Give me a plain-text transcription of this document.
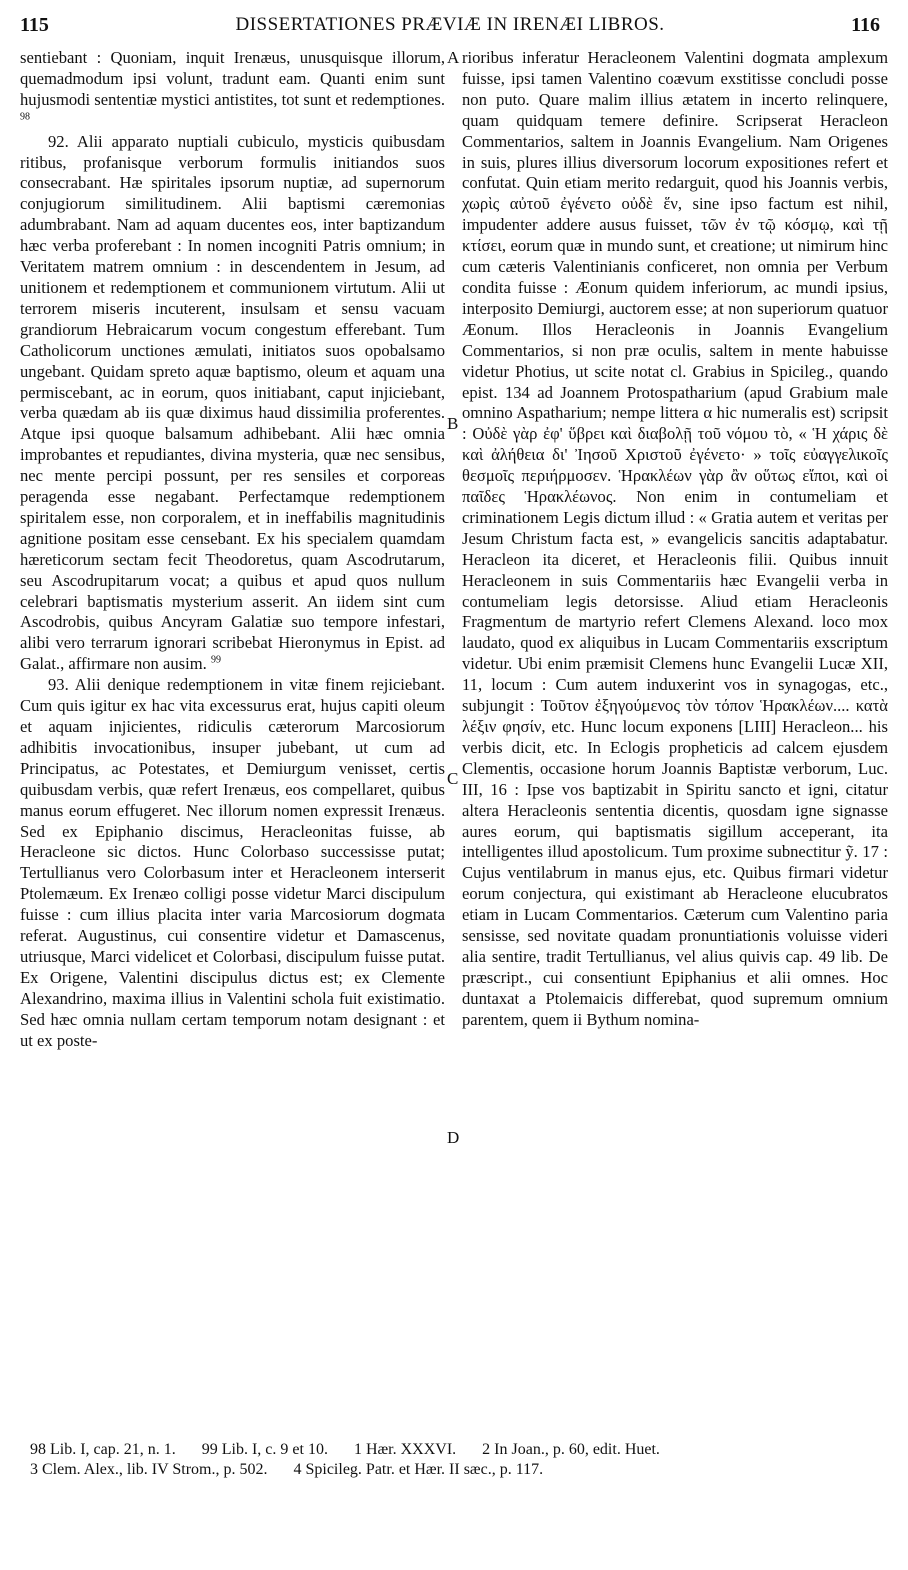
115	DISSERTATIONES PRÆVIÆ IN IRENÆI LIBROS.	116

sentiebant : Quoniam, inquit Irenæus, unusquisque illorum, quemadmodum ipsi volunt, tradunt eam. Quanti enim sunt hujusmodi sententiæ mystici antistites, tot sunt et redemptiones. $^{98}$

92. Alii apparato nuptiali cubiculo, mysticis quibusdam ritibus, profanisque verborum formulis initiandos suos consecrabant. Hæ spiritales ipsorum nuptiæ, ad supernorum conjugiorum similitudinem. Alii baptismi cæremonias adumbrabant. Nam ad aquam ducentes eos, inter baptizandum hæc verba proferebant : In nomen incogniti Patris omnium; in Veritatem matrem omnium : in descendentem in Jesum, ad unitionem et redemptionem et communionem virtutum. Alii ut terrorem miseris incuterent, insulsam et sensu vacuam grandiorum Hebraicarum vocum congestum efferebant. Tum Catholicorum unctiones æmulati, initiatos suos opobalsamo ungebant. Quidam spreto aquæ baptismo, oleum et aquam una permiscebant, ac in eorum, quos initiabant, caput injiciebant, verba quædam ab iis quæ diximus haud dissimilia proferentes. Atque ipsi quoque balsamum adhibebant. Alii hæc omnia improbantes et repudiantes, divina mysteria, quæ nec sensibus, nec mente percipi possunt, per res sensiles et corporeas peragenda esse negabant. Perfectamque redemptionem spiritalem esse, non corporalem, et in ineffabilis magnitudinis agnitione positam esse censebant. Ex his specialem quamdam hæreticorum sectam fecit Theodoretus, quam Ascodrutarum, seu Ascodrupitarum vocat; a quibus et apud quos nullum celebrari baptismatis mysterium asserit. An iidem sint cum Ascodrobis, quibus Ancyram Galatiæ suo tempore infestari, alibi vero terrarum ignorari scribebat Hieronymus in Epist. ad Galat., affirmare non ausim. $^{99}$

93. Alii denique redemptionem in vitæ finem rejiciebant. Cum quis igitur ex hac vita excessurus erat, hujus capiti oleum et aquam injicientes, ridiculis cæterorum Marcosiorum adhibitis invocationibus, insuper jubebant, ut cum ad Principatus, ac Potestates, et Demiurgum venisset, certis quibusdam verbis, quæ refert Irenæus, eos compellaret, quibus manus eorum effugeret. Nec illorum nomen expressit Irenæus. Sed ex Epiphanio discimus, Heracleonitas fuisse, ab Heracleone sic dictos. Hunc Colorbaso successisse putat; Tertullianus vero Colorbasum inter et Heracleonem interserit Ptolemæum. Ex Irenæo colligi posse videtur Marci discipulum fuisse : cum illius placita inter varia Marcosiorum dogmata referat. Augustinus, cui consentire videtur et Damascenus, utriusque, Marci videlicet et Colorbasi, discipulum fuisse putat. Ex Origene, Valentini discipulus dictus est; ex Clemente Alexandrino, maxima illius in Valentini schola fuit existimatio. Sed hæc omnia nullam certam temporum notam designant : et ut ex poste-

A
B
C
D

rioribus inferatur Heracleonem Valentini dogmata amplexum fuisse, ipsi tamen Valentino coævum exstitisse concludi posse non puto. Quare malim illius ætatem in incerto relinquere, quam quidquam temere definire. Scripserat Heracleon Commentarios, saltem in Joannis Evangelium. Nam Origenes in suis, plures illius diversorum locorum expositiones refert et confutat. Quin etiam merito redarguit, quod his Joannis verbis, χωρὶς αὐτοῦ ἐγένετο οὐδὲ ἕν, sine ipso factum est nihil, impudenter addere ausus fuisset, τῶν ἐν τῷ κόσμῳ, καὶ τῇ κτίσει, eorum quæ in mundo sunt, et creatione; ut nimirum hinc cum cæteris Valentinianis conficeret, non omnia per Verbum condita fuisse : Æonum quidem inferiorum, ac mundi ipsius, interposito Demiurgi, auctorem esse; at non superiorum quatuor Æonum. Illos Heracleonis in Joannis Evangelium Commentarios, si non præ oculis, saltem in mente habuisse videtur Photius, ut scite notat cl. Grabius in Spicileg., quando epist. 134 ad Joannem Protospatharium (apud Grabium male omnino Aspatharium; nempe littera α hic numeralis est) scripsit : Οὐδὲ γὰρ ἐφ' ὕβρει καὶ διαβολῇ τοῦ νόμου τὸ, « Ἡ χάρις δὲ καὶ ἀλήθεια δι' Ἰησοῦ Χριστοῦ ἐγένετο· » τοῖς εὐαγγελικοῖς θεσμοῖς περιήρμοσεν. Ἡρακλέων γὰρ ἂν οὕτως εἴποι, καὶ οἱ παῖδες Ἡρακλέωνος. Non enim in contumeliam et criminationem Legis dictum illud : « Gratia autem et veritas per Jesum Christum facta est, » evangelicis sancitis adaptabatur. Heracleon ita diceret, et Heracleonis filii. Quibus innuit Heracleonem in suis Commentariis hæc Evangelii verba in contumeliam legis detorsisse. Aliud etiam Heracleonis Fragmentum de martyrio refert Clemens Alexand. loco mox laudato, quod ex aliquibus in Lucam Commentariis exscriptum videtur. Ubi enim præmisit Clemens hunc Evangelii Lucæ XII, 11, locum : Cum autem induxerint vos in synagogas, etc., subjungit : Τοῦτον ἐξηγούμενος τὸν τόπον Ἡρακλέων.... κατὰ λέξιν φησίν, etc. Hunc locum exponens [LIII] Heracleon... his verbis dicit, etc. In Eclogis propheticis ad calcem ejusdem Clementis, occasione horum Joannis Baptistæ verborum, Luc. III, 16 : Ipse vos baptizabit in Spiritu sancto et igni, citatur altera Heracleonis sententia dicentis, quosdam igne signasse aures eorum, qui baptismatis sigillum acceperant, ita intelligentes illud apostolicum. Tum proxime subnectitur ỹ. 17 : Cujus ventilabrum in manus ejus, etc. Quibus firmari videtur eorum conjectura, qui existimant ab Heracleone elucubratos etiam in Lucam Commentarios. Cæterum cum Valentino paria sensisse, sed novitate quadam pronuntiationis voluisse videri alia sentire, tradit Tertullianus, vel alius quivis cap. 49 lib. De præscript., cui consentiunt Epiphanius et alii omnes. Hoc duntaxat a Ptolemaicis differebat, quod supremum omnium parentem, quem ii Bythum nomina-

98 Lib. I, cap. 21, n. 1. 99 Lib. I, c. 9 et 10. 1 Hær. XXXVI. 2 In Joan., p. 60, edit. Huet.
3 Clem. Alex., lib. IV Strom., p. 502. 4 Spicileg. Patr. et Hær. II sæc., p. 117.
